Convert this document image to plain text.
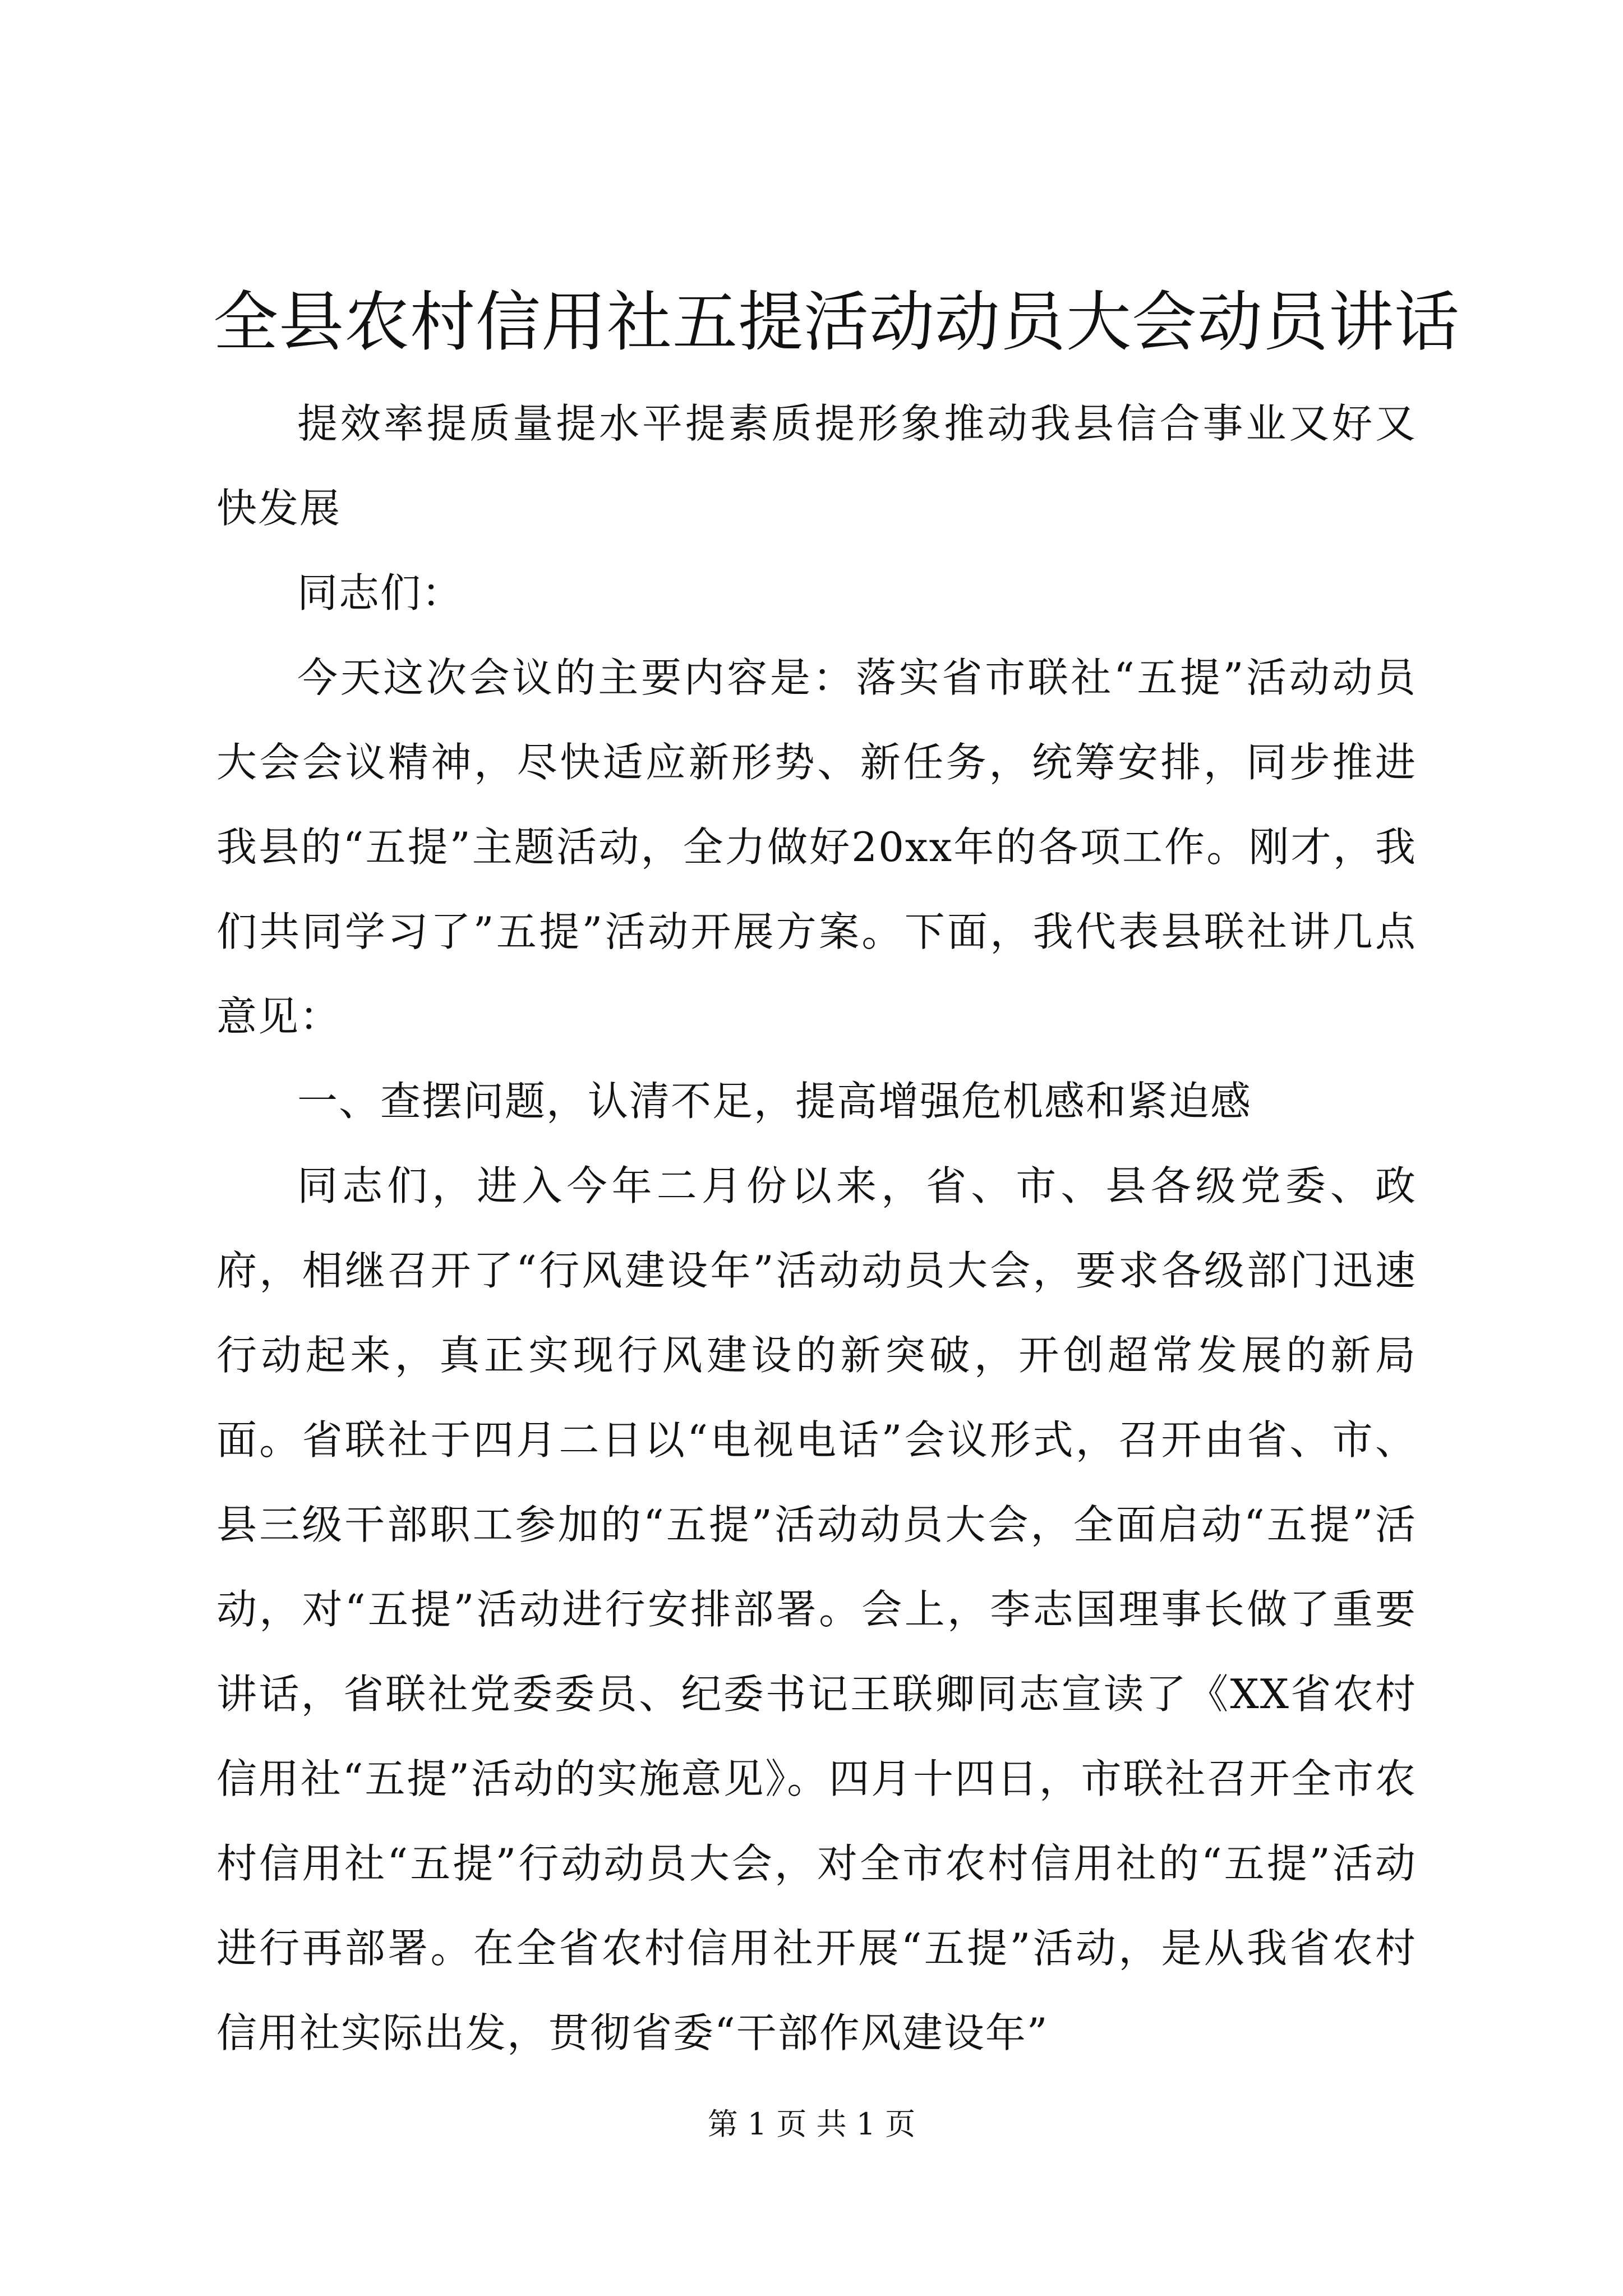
全县农村信用社五提活动动员大会动员讲话

提效率提质量提水平提素质提形象推动我县信合事业又好又快发展

同志们：

今天这次会议的主要内容是：落实省市联社“五提”活动动员大会会议精神，尽快适应新形势、新任务，统筹安排，同步推进我县的“五提”主题活动，全力做好20xx年的各项工作。刚才，我们共同学习了”五提”活动开展方案。下面，我代表县联社讲几点意见：

一、查摆问题，认清不足，提高增强危机感和紧迫感

同志们，进入今年二月份以来，省、市、县各级党委、政府，相继召开了“行风建设年”活动动员大会，要求各级部门迅速行动起来，真正实现行风建设的新突破，开创超常发展的新局面。省联社于四月二日以“电视电话”会议形式，召开由省、市、县三级干部职工参加的“五提”活动动员大会，全面启动“五提”活动，对“五提”活动进行安排部署。会上，李志国理事长做了重要讲话，省联社党委委员、纪委书记王联卿同志宣读了《XX省农村信用社“五提”活动的实施意见》。四月十四日，市联社召开全市农村信用社“五提”行动动员大会，对全市农村信用社的“五提”活动进行再部署。在全省农村信用社开展“五提”活动，是从我省农村信用社实际出发，贯彻省委“干部作风建设年”

第 1 页 共 1 页
